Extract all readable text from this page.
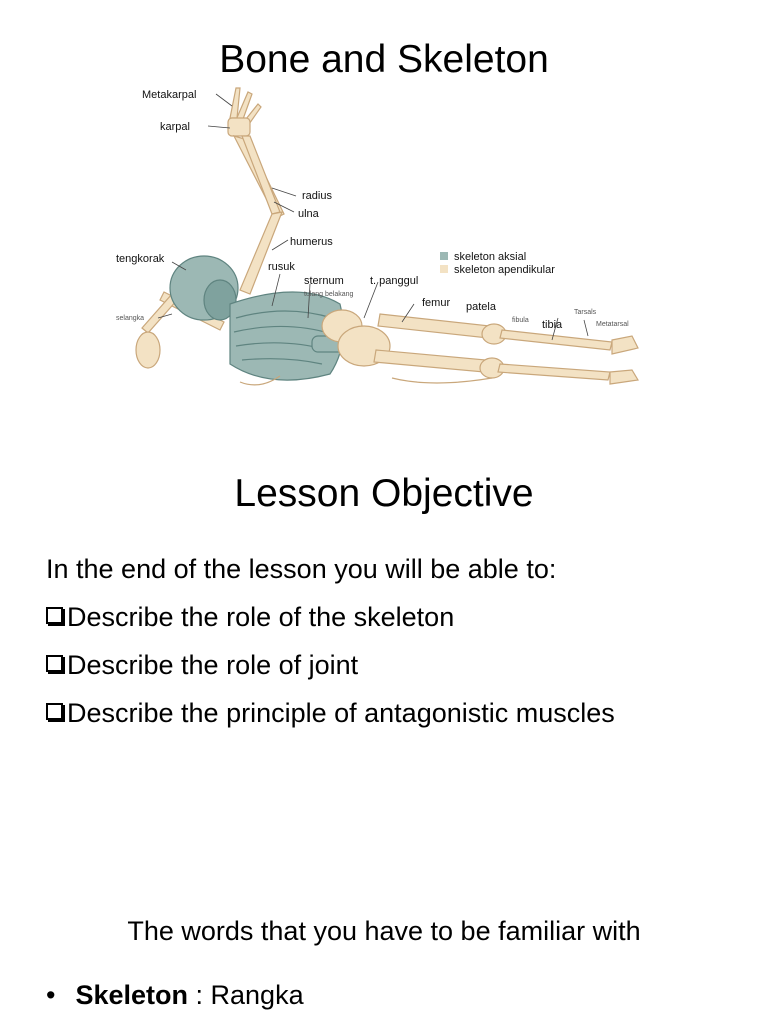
Bone and Skeleton
Metakarpal
karpal
radius
ulna
humerus
tengkorak
rusuk
sternum
tulang belakang
t. panggul
femur patela
fibula tibia
Tarsals
Metatarsal
selangka
skeleton aksial
skeleton apendikular
Lesson Objective
In the end of the lesson you will be able to:
Describe the role of the skeleton
Describe the role of joint
Describe the principle of antagonistic muscles
The words that you have to be familiar with
• Skeleton : Rangka
